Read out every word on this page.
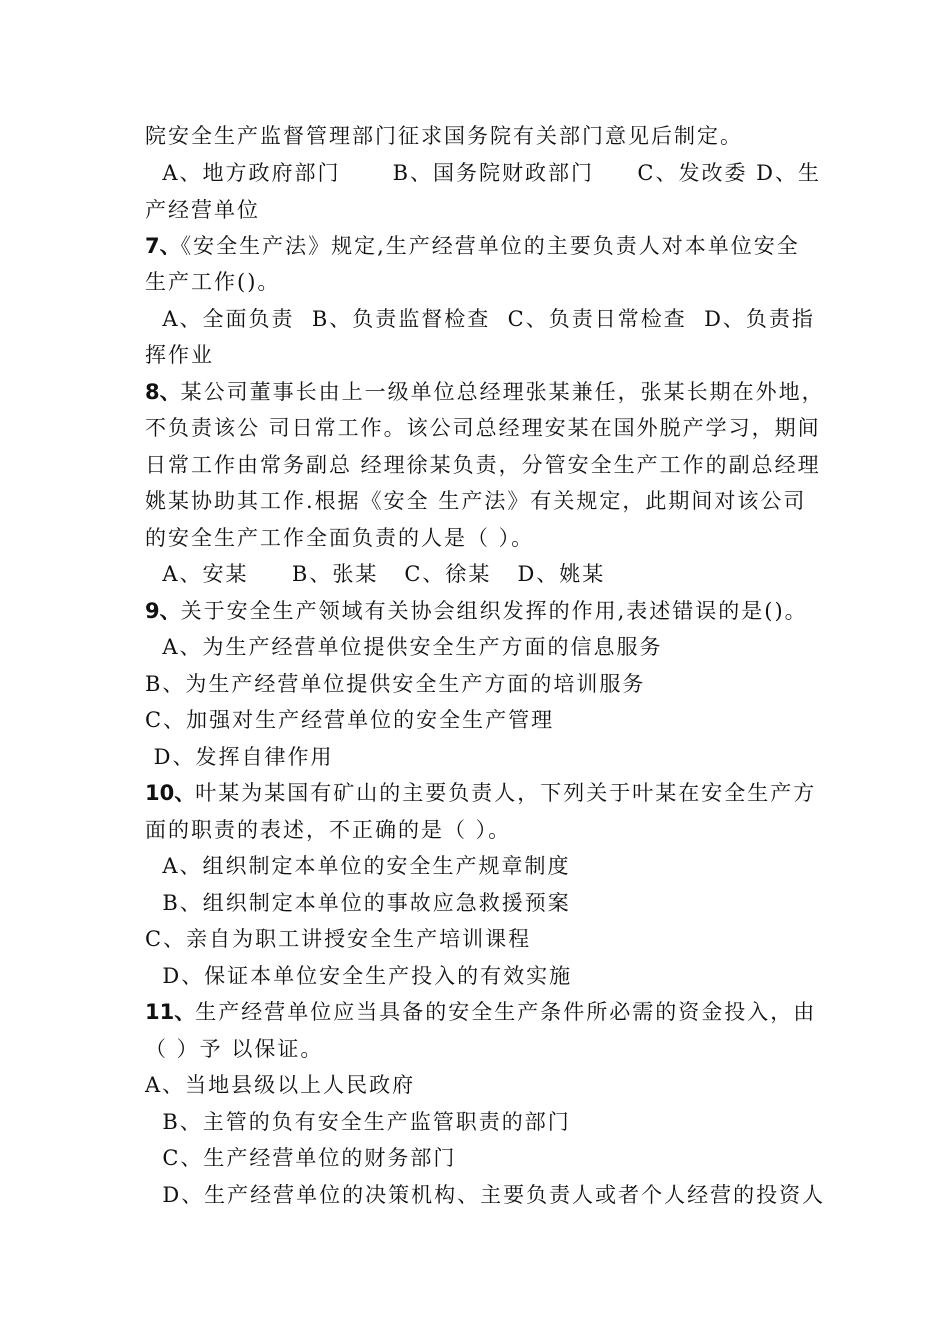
院安全生产监督管理部门征求国务院有关部门意见后制定。
A、地方政府部门      B、国务院财政部门     C、发改委 D、生
产经营单位
7、《安全生产法》规定,生产经营单位的主要负责人对本单位安全
生产工作()。
A、全面负责  B、负责监督检查  C、负责日常检查  D、负责指
挥作业
8、某公司董事长由上一级单位总经理张某兼任，张某长期在外地，
不负责该公 司日常工作。该公司总经理安某在国外脱产学习，期间
日常工作由常务副总 经理徐某负责，分管安全生产工作的副总经理
姚某协助其工作.根据《安全 生产法》有关规定，此期间对该公司
的安全生产工作全面负责的人是（ ）。
A、安某     B、张某   C、徐某   D、姚某
9、关于安全生产领域有关协会组织发挥的作用,表述错误的是()。
A、为生产经营单位提供安全生产方面的信息服务
B、为生产经营单位提供安全生产方面的培训服务
C、加强对生产经营单位的安全生产管理
D、发挥自律作用
10、叶某为某国有矿山的主要负责人，下列关于叶某在安全生产方
面的职责的表述，不正确的是（ ）。
A、组织制定本单位的安全生产规章制度
B、组织制定本单位的事故应急救援预案
C、亲自为职工讲授安全生产培训课程
D、保证本单位安全生产投入的有效实施
11、生产经营单位应当具备的安全生产条件所必需的资金投入，由
（ ）予 以保证。
A、当地县级以上人民政府
B、主管的负有安全生产监管职责的部门
C、生产经营单位的财务部门
D、生产经营单位的决策机构、主要负责人或者个人经营的投资人
